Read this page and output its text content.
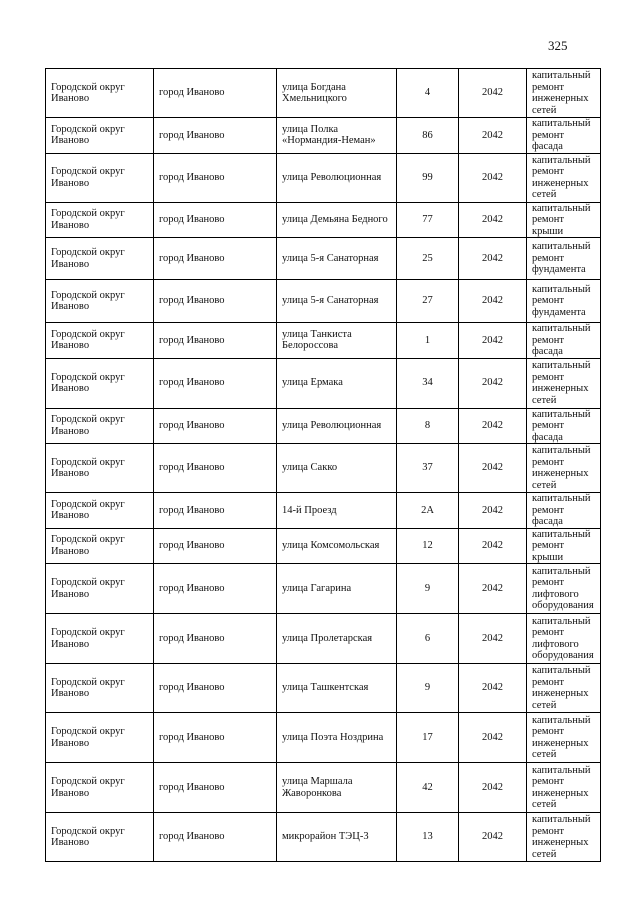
325
Городской округ Иваново	город Иваново	улица Богдана Хмельницкого	4	2042	капитальный ремонт инженерных сетей
Городской округ Иваново	город Иваново	улица Полка «Нормандия-Неман»	86	2042	капитальный ремонт фасада
Городской округ Иваново	город Иваново	улица Революционная	99	2042	капитальный ремонт инженерных сетей
Городской округ Иваново	город Иваново	улица Демьяна Бедного	77	2042	капитальный ремонт крыши
Городской округ Иваново	город Иваново	улица 5-я Санаторная	25	2042	капитальный ремонт фундамента
Городской округ Иваново	город Иваново	улица 5-я Санаторная	27	2042	капитальный ремонт фундамента
Городской округ Иваново	город Иваново	улица Танкиста Белороссова	1	2042	капитальный ремонт фасада
Городской округ Иваново	город Иваново	улица Ермака	34	2042	капитальный ремонт инженерных сетей
Городской округ Иваново	город Иваново	улица Революционная	8	2042	капитальный ремонт фасада
Городской округ Иваново	город Иваново	улица Сакко	37	2042	капитальный ремонт инженерных сетей
Городской округ Иваново	город Иваново	14-й Проезд	2А	2042	капитальный ремонт фасада
Городской округ Иваново	город Иваново	улица Комсомольская	12	2042	капитальный ремонт крыши
Городской округ Иваново	город Иваново	улица Гагарина	9	2042	капитальный ремонт лифтового оборудования
Городской округ Иваново	город Иваново	улица Пролетарская	6	2042	капитальный ремонт лифтового оборудования
Городской округ Иваново	город Иваново	улица Ташкентская	9	2042	капитальный ремонт инженерных сетей
Городской округ Иваново	город Иваново	улица Поэта Ноздрина	17	2042	капитальный ремонт инженерных сетей
Городской округ Иваново	город Иваново	улица Маршала Жаворонкова	42	2042	капитальный ремонт инженерных сетей
Городской округ Иваново	город Иваново	микрорайон ТЭЦ-3	13	2042	капитальный ремонт инженерных сетей
